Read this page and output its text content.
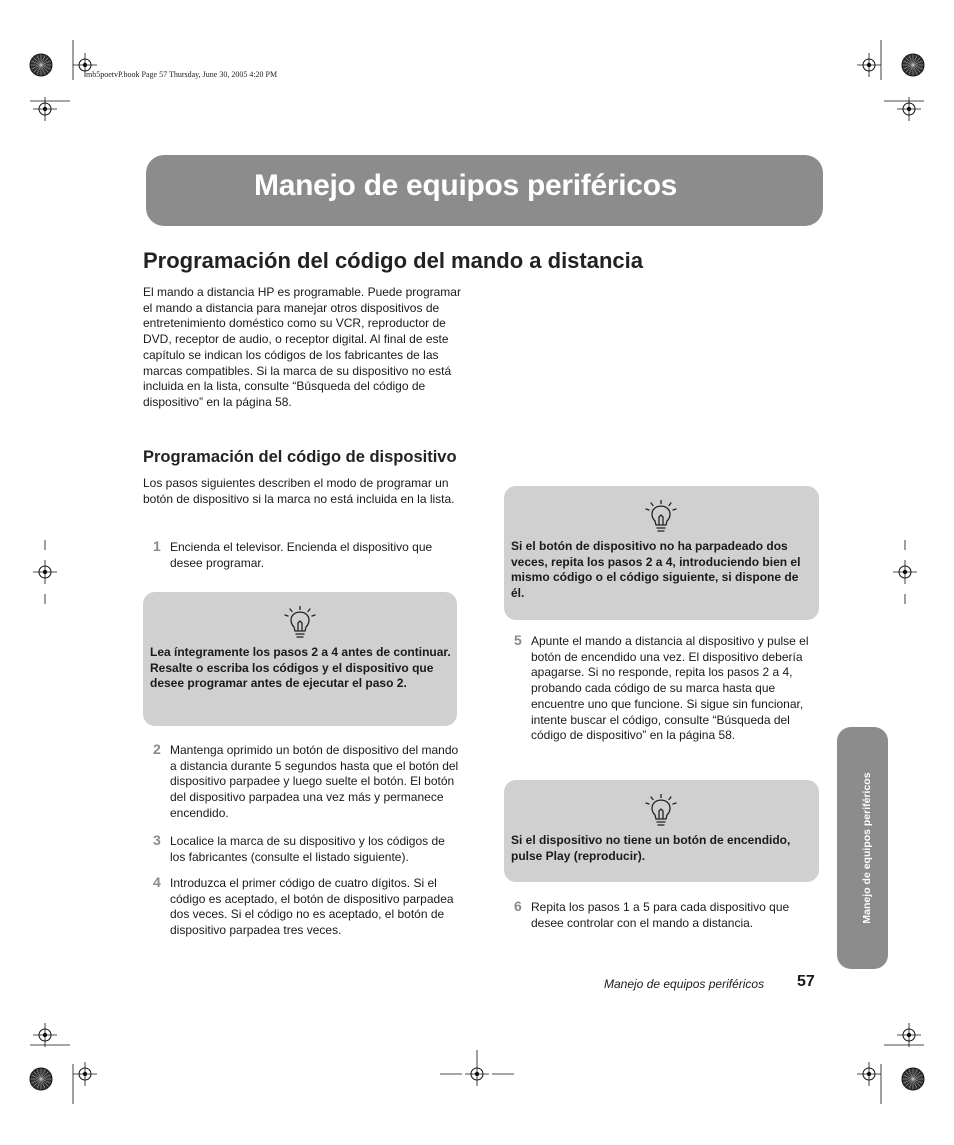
mb5poetvP.book Page 57 Thursday, June 30, 2005 4:20 PM
Manejo de equipos periféricos
Programación del código del mando a distancia

El mando a distancia HP es programable. Puede programar el mando a distancia para manejar otros dispositivos de entretenimiento doméstico como su VCR, reproductor de DVD, receptor de audio, o receptor digital. Al final de este capítulo se indican los códigos de los fabricantes de las marcas compatibles. Si la marca de su dispositivo no está incluida en la lista, consulte “Búsqueda del código de dispositivo” en la página 58.

Programación del código de dispositivo

Los pasos siguientes describen el modo de programar un botón de dispositivo si la marca no está incluida en la lista.

1 Encienda el televisor. Encienda el dispositivo que desee programar.
Lea íntegramente los pasos 2 a 4 antes de continuar. Resalte o escriba los códigos y el dispositivo que desee programar antes de ejecutar el paso 2.
2 Mantenga oprimido un botón de dispositivo del mando a distancia durante 5 segundos hasta que el botón del dispositivo parpadee y luego suelte el botón. El botón del dispositivo parpadea una vez más y permanece encendido.
3 Localice la marca de su dispositivo y los códigos de los fabricantes (consulte el listado siguiente).
4 Introduzca el primer código de cuatro dígitos. Si el código es aceptado, el botón de dispositivo parpadea dos veces. Si el código no es aceptado, el botón de dispositivo parpadea tres veces.
Si el botón de dispositivo no ha parpadeado dos veces, repita los pasos 2 a 4, introduciendo bien el mismo código o el código siguiente, si dispone de él.
5 Apunte el mando a distancia al dispositivo y pulse el botón de encendido una vez. El dispositivo debería apagarse. Si no responde, repita los pasos 2 a 4, probando cada código de su marca hasta que encuentre uno que funcione. Si sigue sin funcionar, intente buscar el código, consulte “Búsqueda del código de dispositivo” en la página 58.
Si el dispositivo no tiene un botón de encendido, pulse Play (reproducir).
6 Repita los pasos 1 a 5 para cada dispositivo que desee controlar con el mando a distancia.	Manejo de equipos periféricos
Manejo de equipos periféricos 57
